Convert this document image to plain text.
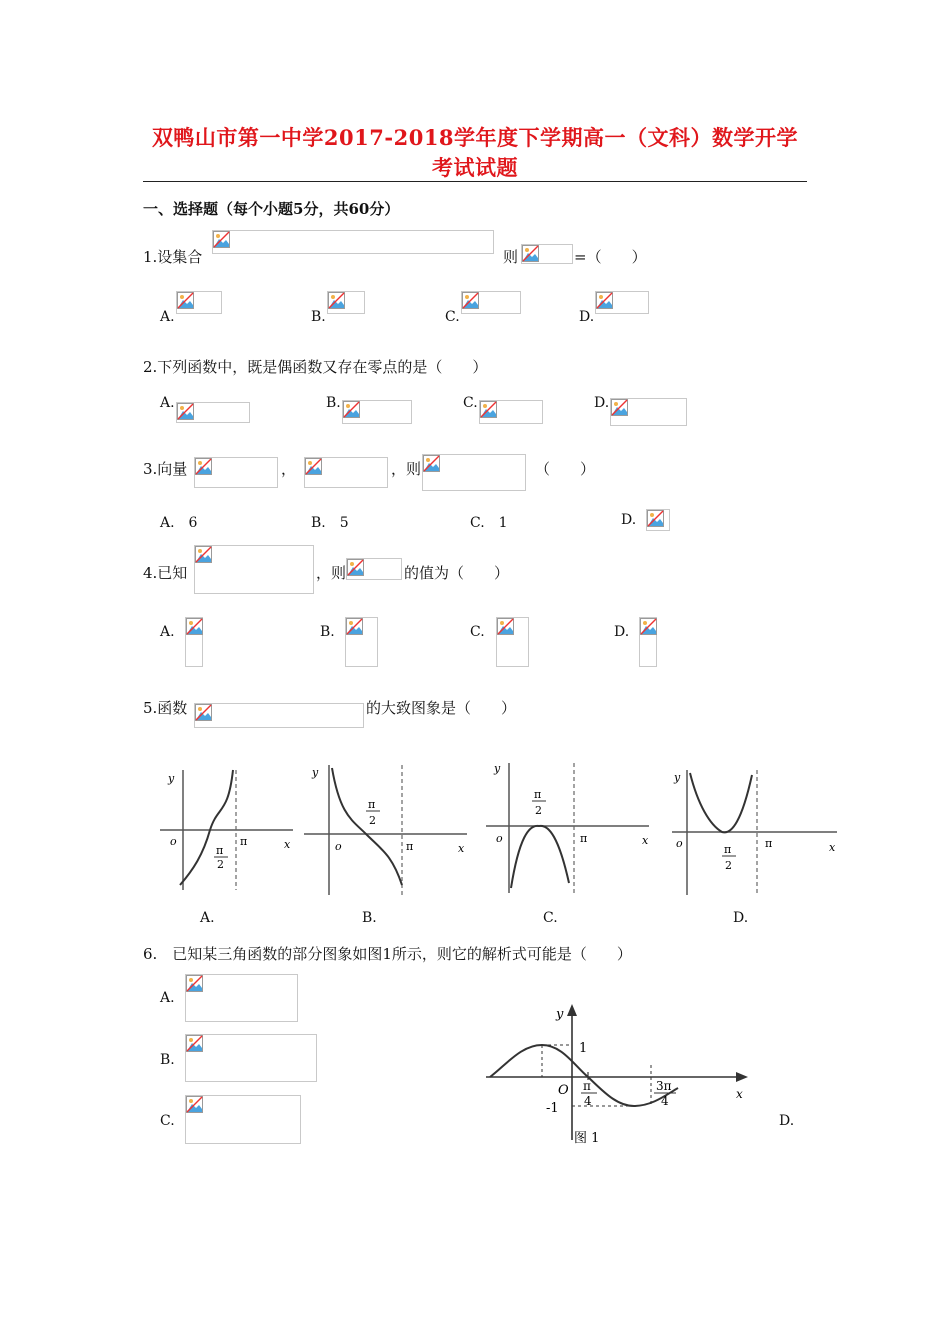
双鸭山市第一中学2017-2018学年度下学期高一（文科）数学开学
考试试题
一、选择题（每个小题5分，共60分）
1.设集合	则	=（　　）
A.	B.	C.	D.
2.下列函数中，既是偶函数又存在零点的是（　　）
A.	B.	C.	D.
3.向量	，	，则	（　　）
A.　6	B.　5	C.　1	D.
4.已知	，则	的值为（　　）
A.	B.	C.	D.
5.函数	的大致图象是（　　）
y
o	π	x
π
2
A.
y
o	π	x
π
2
B.
y
o	π	x
π
2
C.
y
o	π	x
π
2
D.
6.　已知某三角函数的部分图象如图1所示，则它的解析式可能是（　　）
A.
B.
C.	D.
y
x
O
1
-1
π
4
3π
4
图 1
